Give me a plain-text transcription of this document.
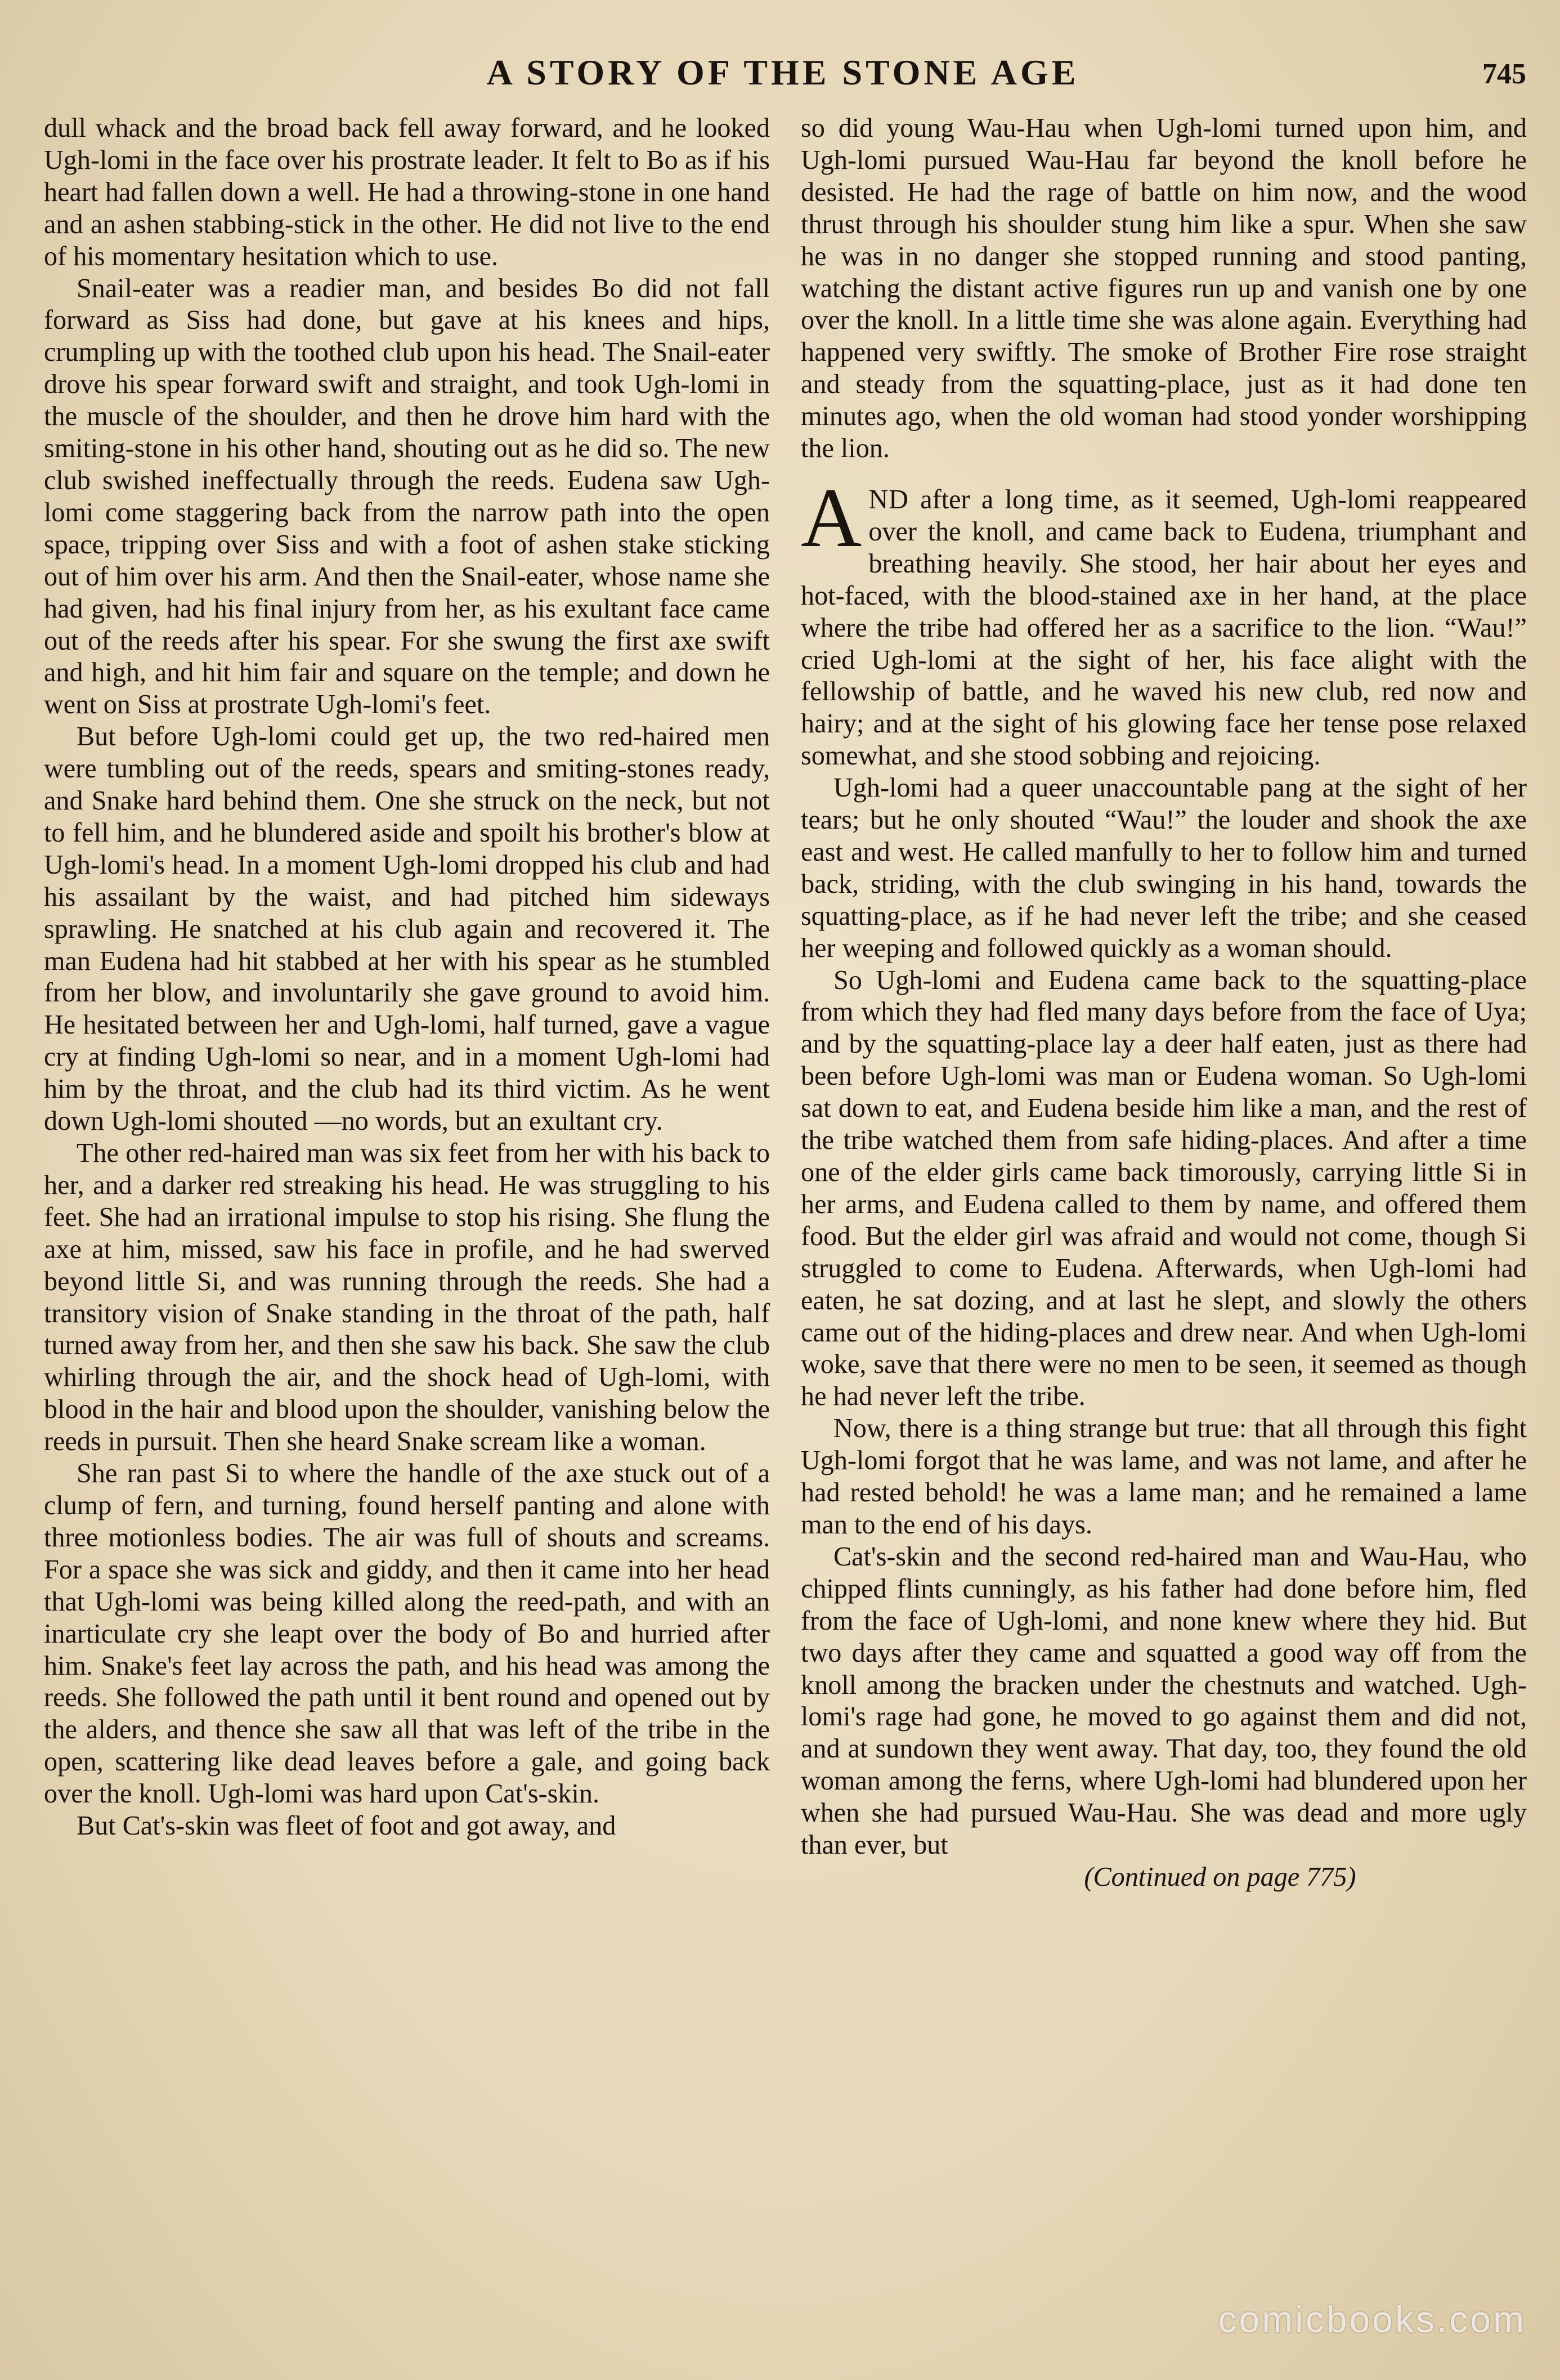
A STORY OF THE STONE AGE	745

dull whack and the broad back fell away forward, and he looked Ugh-lomi in the face over his prostrate leader. It felt to Bo as if his heart had fallen down a well. He had a throwing-stone in one hand and an ashen stabbing-stick in the other. He did not live to the end of his momentary hesitation which to use.

Snail-eater was a readier man, and besides Bo did not fall forward as Siss had done, but gave at his knees and hips, crumpling up with the toothed club upon his head. The Snail-eater drove his spear forward swift and straight, and took Ugh-lomi in the muscle of the shoulder, and then he drove him hard with the smiting-stone in his other hand, shouting out as he did so. The new club swished ineffectually through the reeds. Eudena saw Ugh-lomi come staggering back from the narrow path into the open space, tripping over Siss and with a foot of ashen stake sticking out of him over his arm. And then the Snail-eater, whose name she had given, had his final injury from her, as his exultant face came out of the reeds after his spear. For she swung the first axe swift and high, and hit him fair and square on the temple; and down he went on Siss at prostrate Ugh-lomi's feet.

But before Ugh-lomi could get up, the two red-haired men were tumbling out of the reeds, spears and smiting-stones ready, and Snake hard behind them. One she struck on the neck, but not to fell him, and he blundered aside and spoilt his brother's blow at Ugh-lomi's head. In a moment Ugh-lomi dropped his club and had his assailant by the waist, and had pitched him sideways sprawling. He snatched at his club again and recovered it. The man Eudena had hit stabbed at her with his spear as he stumbled from her blow, and involuntarily she gave ground to avoid him. He hesitated between her and Ugh-lomi, half turned, gave a vague cry at finding Ugh-lomi so near, and in a moment Ugh-lomi had him by the throat, and the club had its third victim. As he went down Ugh-lomi shouted —no words, but an exultant cry.

The other red-haired man was six feet from her with his back to her, and a darker red streaking his head. He was struggling to his feet. She had an irrational impulse to stop his rising. She flung the axe at him, missed, saw his face in profile, and he had swerved beyond little Si, and was running through the reeds. She had a transitory vision of Snake standing in the throat of the path, half turned away from her, and then she saw his back. She saw the club whirling through the air, and the shock head of Ugh-lomi, with blood in the hair and blood upon the shoulder, vanishing below the reeds in pursuit. Then she heard Snake scream like a woman.

She ran past Si to where the handle of the axe stuck out of a clump of fern, and turning, found herself panting and alone with three motionless bodies. The air was full of shouts and screams. For a space she was sick and giddy, and then it came into her head that Ugh-lomi was being killed along the reed-path, and with an inarticulate cry she leapt over the body of Bo and hurried after him. Snake's feet lay across the path, and his head was among the reeds. She followed the path until it bent round and opened out by the alders, and thence she saw all that was left of the tribe in the open, scattering like dead leaves before a gale, and going back over the knoll. Ugh-lomi was hard upon Cat's-skin.

But Cat's-skin was fleet of foot and got away, and

so did young Wau-Hau when Ugh-lomi turned upon him, and Ugh-lomi pursued Wau-Hau far beyond the knoll before he desisted. He had the rage of battle on him now, and the wood thrust through his shoulder stung him like a spur. When she saw he was in no danger she stopped running and stood panting, watching the distant active figures run up and vanish one by one over the knoll. In a little time she was alone again. Everything had happened very swiftly. The smoke of Brother Fire rose straight and steady from the squatting-place, just as it had done ten minutes ago, when the old woman had stood yonder worshipping the lion.

AND after a long time, as it seemed, Ugh-lomi reappeared over the knoll, and came back to Eudena, triumphant and breathing heavily. She stood, her hair about her eyes and hot-faced, with the blood-stained axe in her hand, at the place where the tribe had offered her as a sacrifice to the lion. “Wau!” cried Ugh-lomi at the sight of her, his face alight with the fellowship of battle, and he waved his new club, red now and hairy; and at the sight of his glowing face her tense pose relaxed somewhat, and she stood sobbing and rejoicing.

Ugh-lomi had a queer unaccountable pang at the sight of her tears; but he only shouted “Wau!” the louder and shook the axe east and west. He called manfully to her to follow him and turned back, striding, with the club swinging in his hand, towards the squatting-place, as if he had never left the tribe; and she ceased her weeping and followed quickly as a woman should.

So Ugh-lomi and Eudena came back to the squatting-place from which they had fled many days before from the face of Uya; and by the squatting-place lay a deer half eaten, just as there had been before Ugh-lomi was man or Eudena woman. So Ugh-lomi sat down to eat, and Eudena beside him like a man, and the rest of the tribe watched them from safe hiding-places. And after a time one of the elder girls came back timorously, carrying little Si in her arms, and Eudena called to them by name, and offered them food. But the elder girl was afraid and would not come, though Si struggled to come to Eudena. Afterwards, when Ugh-lomi had eaten, he sat dozing, and at last he slept, and slowly the others came out of the hiding-places and drew near. And when Ugh-lomi woke, save that there were no men to be seen, it seemed as though he had never left the tribe.

Now, there is a thing strange but true: that all through this fight Ugh-lomi forgot that he was lame, and was not lame, and after he had rested behold! he was a lame man; and he remained a lame man to the end of his days.

Cat's-skin and the second red-haired man and Wau-Hau, who chipped flints cunningly, as his father had done before him, fled from the face of Ugh-lomi, and none knew where they hid. But two days after they came and squatted a good way off from the knoll among the bracken under the chestnuts and watched. Ugh-lomi's rage had gone, he moved to go against them and did not, and at sundown they went away. That day, too, they found the old woman among the ferns, where Ugh-lomi had blundered upon her when she had pursued Wau-Hau. She was dead and more ugly than ever, but

(Continued on page 775)

comicbooks.com
